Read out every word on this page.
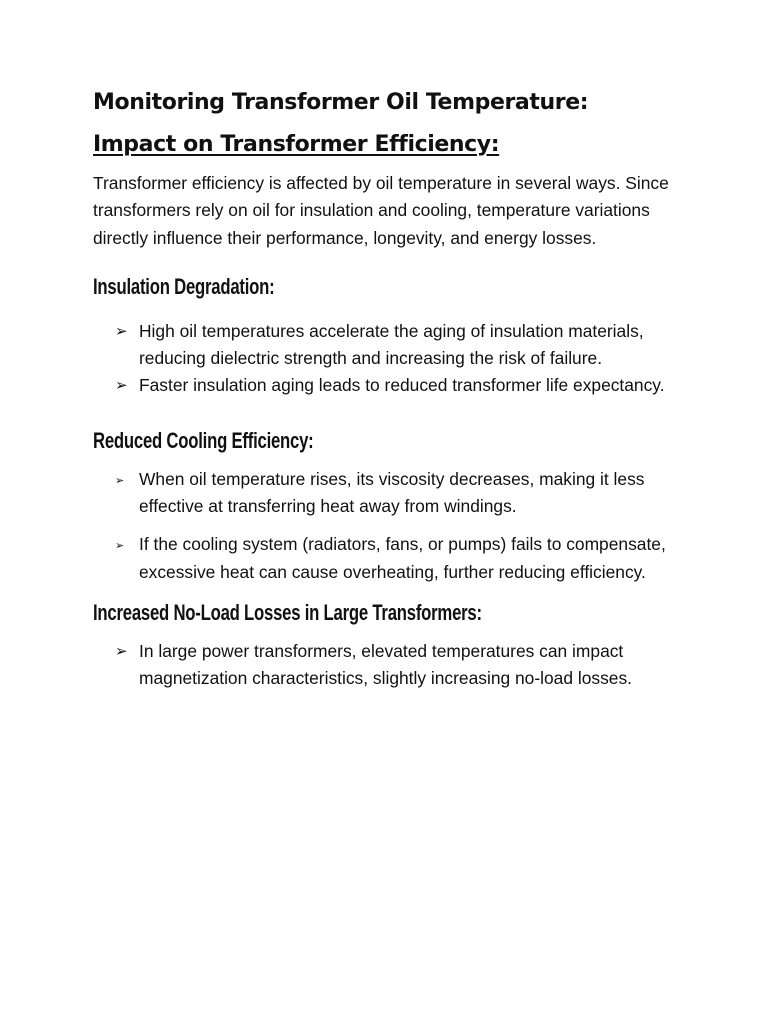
Monitoring Transformer Oil Temperature:
Impact on Transformer Efficiency:

Transformer efficiency is affected by oil temperature in several ways. Since transformers rely on oil for insulation and cooling, temperature variations directly influence their performance, longevity, and energy losses.

Insulation Degradation:
➢ High oil temperatures accelerate the aging of insulation materials, reducing dielectric strength and increasing the risk of failure.
➢ Faster insulation aging leads to reduced transformer life expectancy.
Reduced Cooling Efficiency:
➢ When oil temperature rises, its viscosity decreases, making it less effective at transferring heat away from windings.
➢ If the cooling system (radiators, fans, or pumps) fails to compensate, excessive heat can cause overheating, further reducing efficiency.
Increased No-Load Losses in Large Transformers:
➢ In large power transformers, elevated temperatures can impact magnetization characteristics, slightly increasing no-load losses.
